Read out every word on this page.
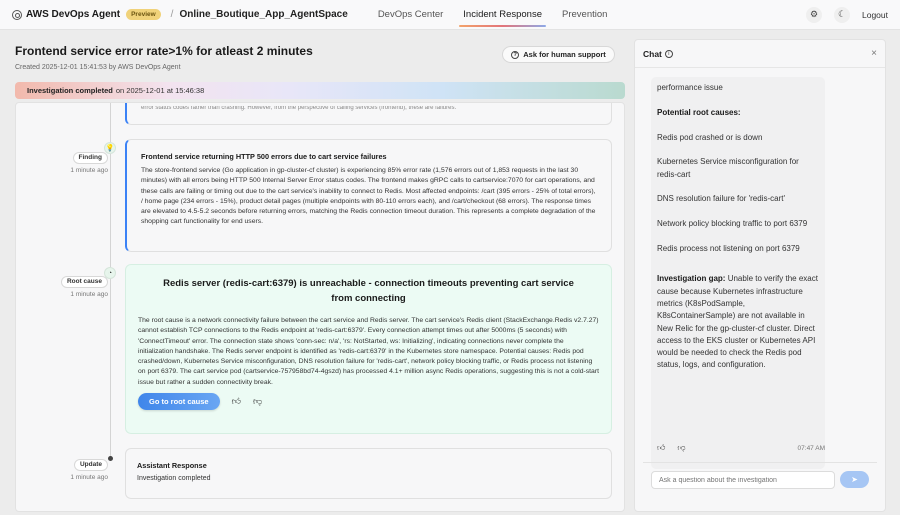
AWS DevOps Agent	Preview	/ Online_Boutique_App_AgentSpace	DevOps Center	Incident Response	Prevention	⚙	☾	Logout
Frontend service error rate>1% for atleast 2 minutes
Created 2025-12-01 15:41:53 by AWS DevOps Agent
? Ask for human support
Investigation completed on 2025-12-01 at 15:46:38
error status codes rather than crashing. However, from the perspective of calling services (frontend), these are failures.
Finding
1 minute ago
💡
Frontend service returning HTTP 500 errors due to cart service failures
The store-frontend service (Go application in gp-cluster-cf cluster) is experiencing 85% error rate (1,576 errors out of 1,853 requests in the last 30 minutes) with all errors being HTTP 500 Internal Server Error status codes. The frontend makes gRPC calls to cartservice:7070 for cart operations, and these calls are failing or timing out due to the cart service's inability to connect to Redis. Most affected endpoints: /cart (395 errors - 25% of total errors), / home page (234 errors - 15%), product detail pages (multiple endpoints with 80-110 errors each), and /cart/checkout (68 errors). The response times are elevated to 4.5-5.2 seconds before returning errors, matching the Redis connection timeout duration. This represents a complete degradation of the shopping cart functionality for end users.
Root cause
1 minute ago
◔
Redis server (redis-cart:6379) is unreachable - connection timeouts preventing cart service from connecting
The root cause is a network connectivity failure between the cart service and Redis server. The cart service's Redis client (StackExchange.Redis v2.7.27) cannot establish TCP connections to the Redis endpoint at 'redis-cart:6379'. Every connection attempt times out after 5000ms (5 seconds) with 'ConnectTimeout' error. The connection state shows 'conn-sec: n/a', 'rs: NotStarted, ws: Initializing', indicating connections never complete the initialization handshake. The Redis server endpoint is identified as 'redis-cart:6379' in the Kubernetes store namespace. Potential causes: Redis pod crashed/down, Kubernetes Service misconfiguration, DNS resolution failure for 'redis-cart', network policy blocking traffic, or Redis process not listening on port 6379. The cart service pod (cartservice-757958bd74-4gszd) has processed 4.1+ million async Redis operations, suggesting this is not a cold-start issue but rather a sudden connectivity break.
Go to root cause	👍︎ 👎︎
Update
1 minute ago
Assistant Response
Investigation completed
Chat	i	×

performance issue

Potential root causes:

Redis pod crashed or is down

Kubernetes Service misconfiguration for redis-cart

DNS resolution failure for 'redis-cart'

Network policy blocking traffic to port 6379

Redis process not listening on port 6379

Investigation gap: Unable to verify the exact cause because Kubernetes infrastructure metrics (K8sPodSample, K8sContainerSample) are not available in New Relic for the gp-cluster-cf cluster. Direct access to the EKS cluster or Kubernetes API would be needed to check the Redis pod status, logs, and configuration.

👍︎ 👎︎	07:47 AM
Ask a question about the investigation
➤
